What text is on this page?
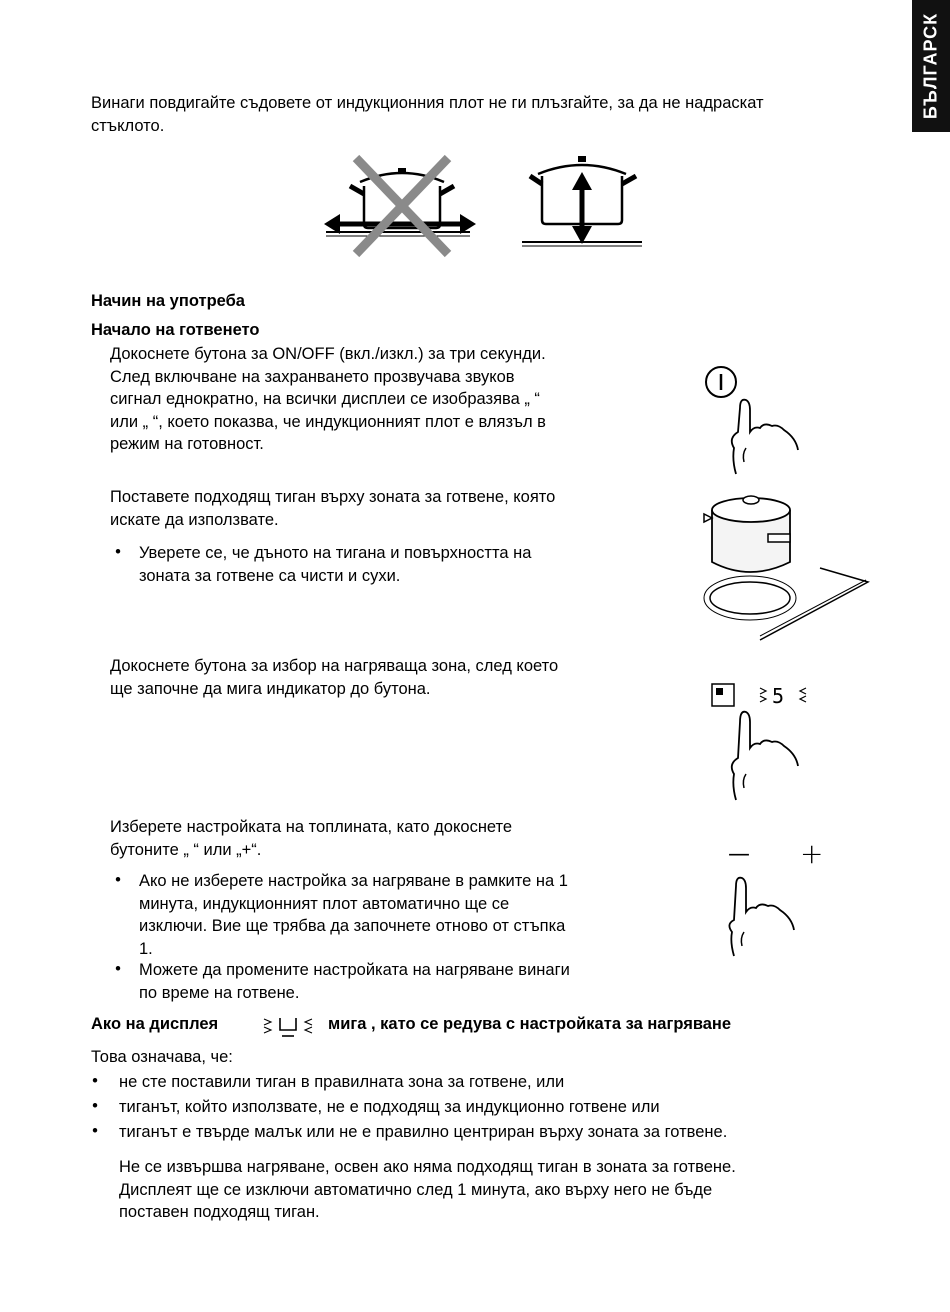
БЪЛГАРСК

Винаги повдигайте съдовете от индукционния плот не ги плъзгайте, за да не надраскат

стъклото.

Начин на употреба

Начало на готвенето

Докоснете бутона за ON/OFF (вкл./изкл.) за три секунди.

След включване на захранването прозвучава звуков

сигнал еднократно, на всички дисплеи се изобразява „ “

или „ “, което показва, че индукционният плот е влязъл в

режим на готовност.

Поставете подходящ тиган върху зоната за готвене, която

искате да използвате.

• Уверете се, че дъното на тигана и повърхността на

зоната за готвене са чисти и сухи.

Докоснете бутона за избор на нагряваща зона, след което

ще започне да мига индикатор до бутона.	5

Изберете настройката на топлината, като докоснете

бутоните „ “ или „+“.

• Ако не изберете настройка за нагряване в рамките на 1

минута, индукционният плот автоматично ще се

изключи. Вие ще трябва да започнете отново от стъпка

1.

• Можете да промените настройката на нагряване винаги

по време на готвене.

— +

Ако на дисплея	мига , като се редува с настройката за нагряване

Това означава, че:

• не сте поставили тиган в правилната зона за готвене, или

• тиганът, който използвате, не е подходящ за индукционно готвене или

• тиганът е твърде малък или не е правилно центриран върху зоната за готвене.

Не се извършва нагряване, освен ако няма подходящ тиган в зоната за готвене.

Дисплеят ще се изключи автоматично след 1 минута, ако върху него не бъде

поставен подходящ тиган.
